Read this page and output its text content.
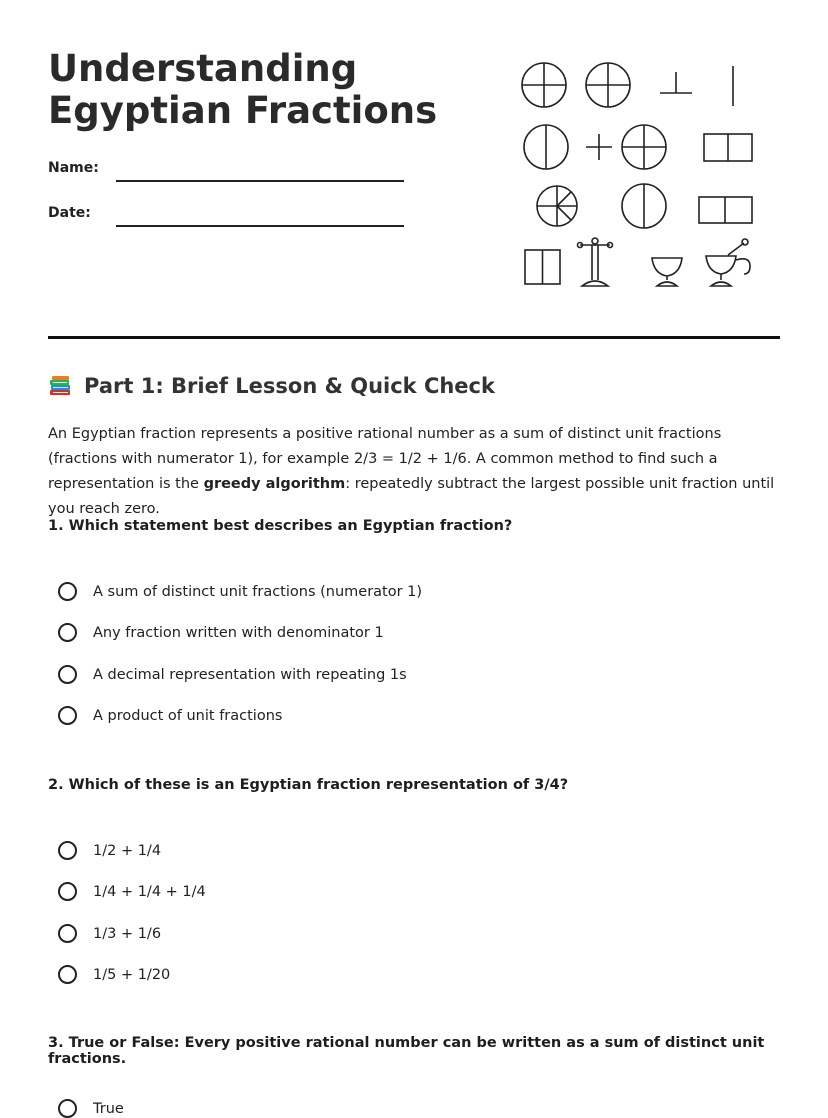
Understanding Egyptian Fractions
Name:
Date:
Part 1: Brief Lesson & Quick Check

An Egyptian fraction represents a positive rational number as a sum of distinct unit fractions (fractions with numerator 1), for example 2/3 = 1/2 + 1/6. A common method to find such a representation is the greedy algorithm: repeatedly subtract the largest possible unit fraction until you reach zero.

1. Which statement best describes an Egyptian fraction?
A sum of distinct unit fractions (numerator 1)
Any fraction written with denominator 1
A decimal representation with repeating 1s
A product of unit fractions
2. Which of these is an Egyptian fraction representation of 3/4?
1/2 + 1/4
1/4 + 1/4 + 1/4
1/3 + 1/6
1/5 + 1/20
3. True or False: Every positive rational number can be written as a sum of distinct unit fractions.
True
